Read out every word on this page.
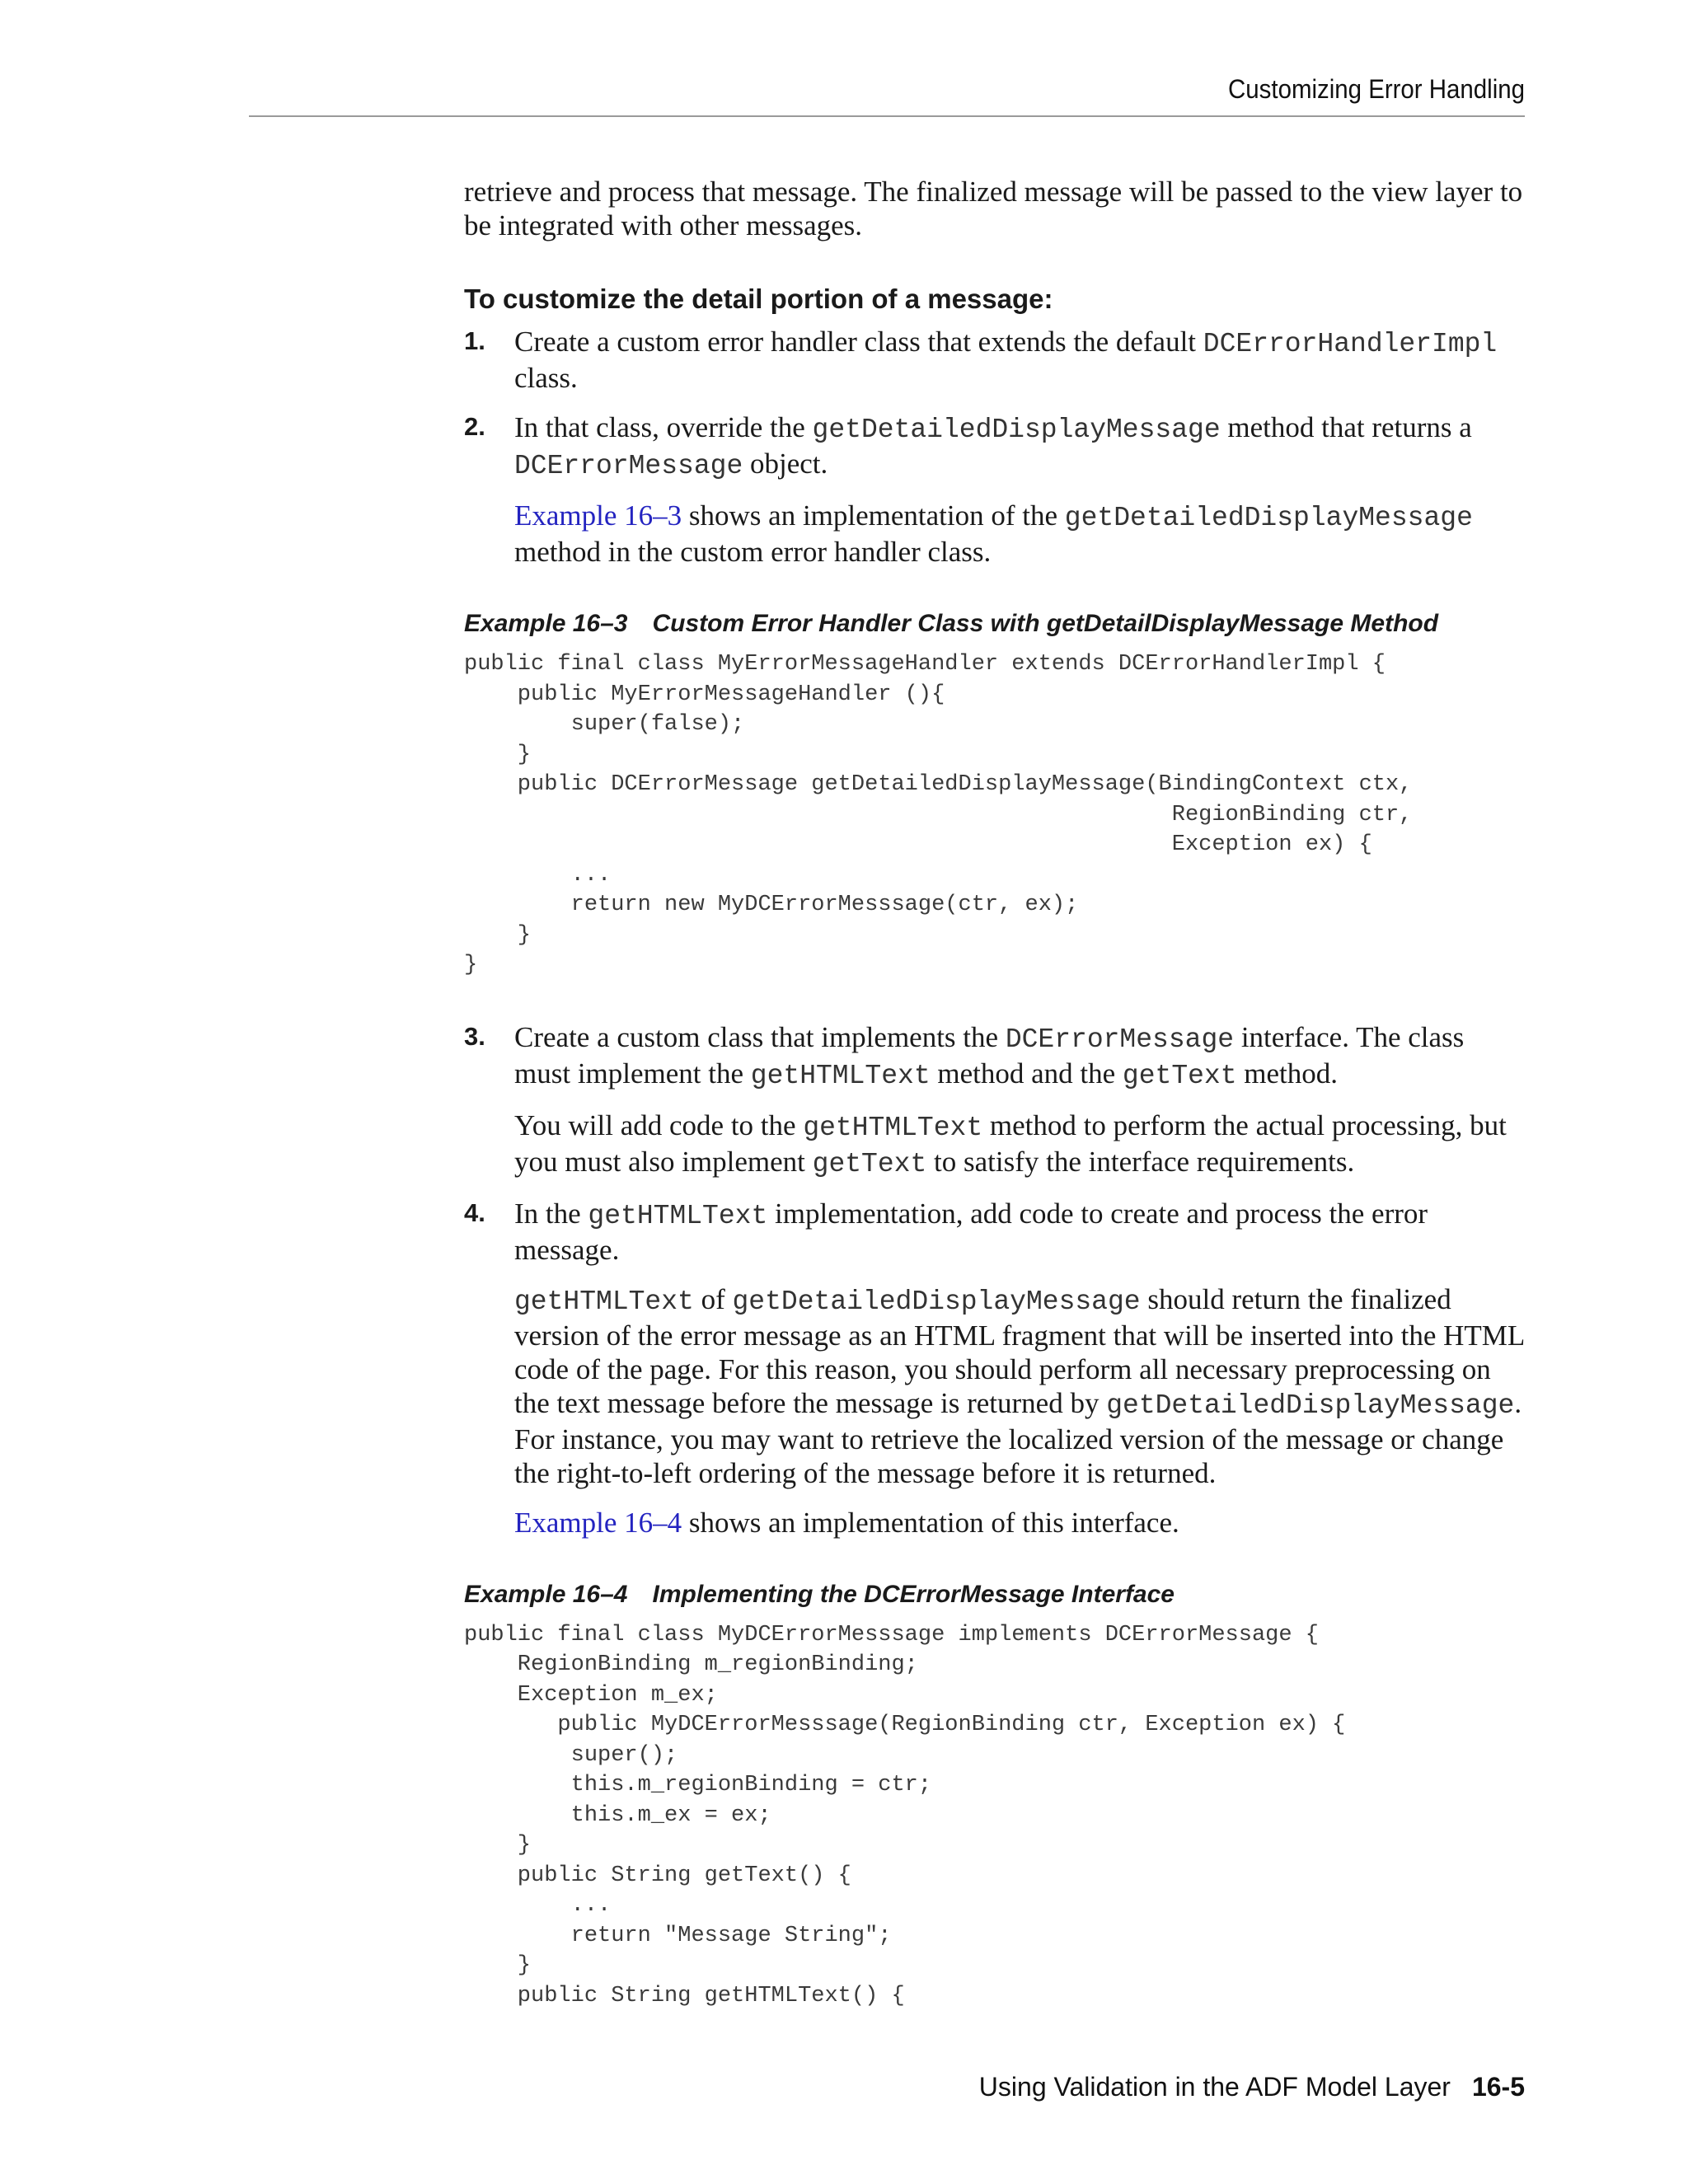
Customizing Error Handling

retrieve and process that message. The finalized message will be passed to the view layer to be integrated with other messages.

To customize the detail portion of a message:
1. Create a custom error handler class that extends the default DCErrorHandlerImpl class.

2. In that class, override the getDetailedDisplayMessage method that returns a DCErrorMessage object.

Example 16–3 shows an implementation of the getDetailedDisplayMessage method in the custom error handler class.

Example 16–3 Custom Error Handler Class with getDetailDisplayMessage Method
public final class MyErrorMessageHandler extends DCErrorHandlerImpl {
public MyErrorMessageHandler (){
super(false);
}
public DCErrorMessage getDetailedDisplayMessage(BindingContext ctx,
RegionBinding ctr,
Exception ex) {
...
return new MyDCErrorMesssage(ctr, ex);
}
}
3. Create a custom class that implements the DCErrorMessage interface. The class must implement the getHTMLText method and the getText method.

You will add code to the getHTMLText method to perform the actual processing, but you must also implement getText to satisfy the interface requirements.

4. In the getHTMLText implementation, add code to create and process the error message.

getHTMLText of getDetailedDisplayMessage should return the finalized version of the error message as an HTML fragment that will be inserted into the HTML code of the page. For this reason, you should perform all necessary preprocessing on the text message before the message is returned by getDetailedDisplayMessage. For instance, you may want to retrieve the localized version of the message or change the right-to-left ordering of the message before it is returned.

Example 16–4 shows an implementation of this interface.

Example 16–4 Implementing the DCErrorMessage Interface
public final class MyDCErrorMesssage implements DCErrorMessage {
RegionBinding m_regionBinding;
Exception m_ex;
public MyDCErrorMesssage(RegionBinding ctr, Exception ex) {
super();
this.m_regionBinding = ctr;
this.m_ex = ex;
}
public String getText() {
...
return "Message String";
}
public String getHTMLText() {
Using Validation in the ADF Model Layer 16-5
